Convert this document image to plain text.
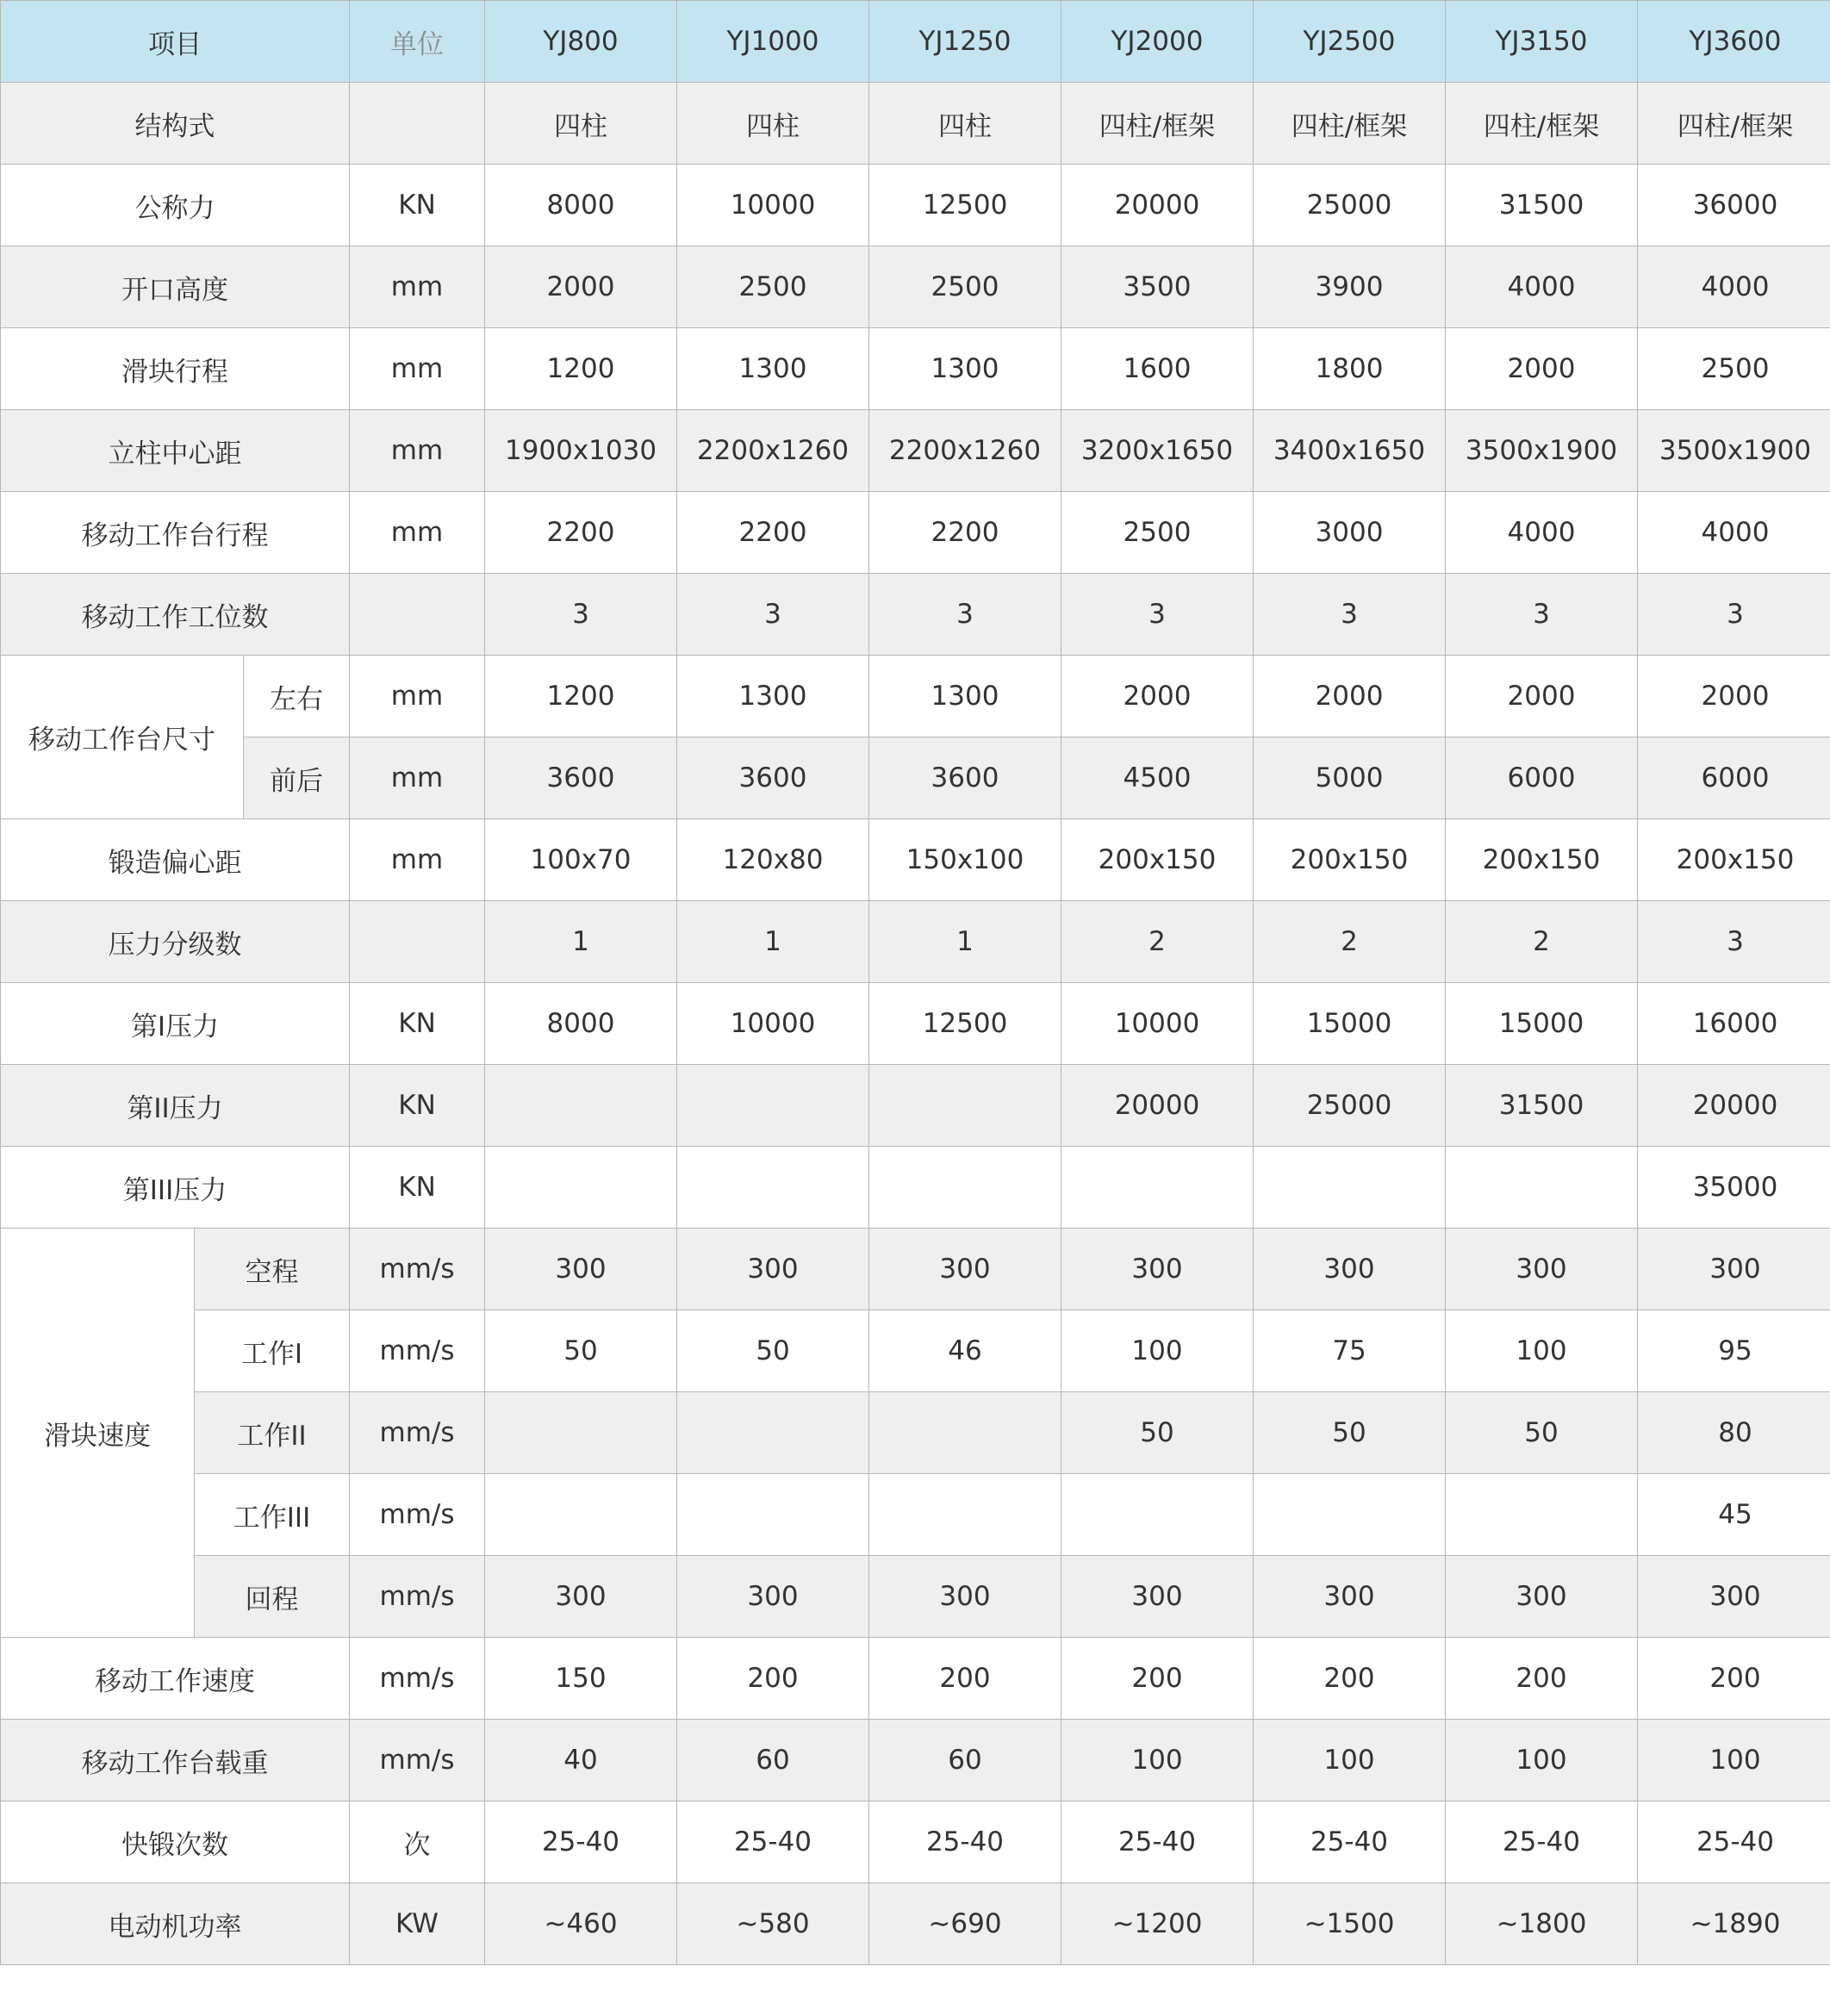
项目			单位	YJ800	YJ1000	YJ1250	YJ2000	YJ2500	YJ3150	YJ3600
结构式				四柱	四柱	四柱	四柱/框架	四柱/框架	四柱/框架	四柱/框架
公称力			KN	8000	10000	12500	20000	25000	31500	36000
开口高度			mm	2000	2500	2500	3500	3900	4000	4000
滑块行程			mm	1200	1300	1300	1600	1800	2000	2500
立柱中心距			mm	1900x1030	2200x1260	2200x1260	3200x1650	3400x1650	3500x1900	3500x1900
移动工作台行程			mm	2200	2200	2200	2500	3000	4000	4000
移动工作工位数				3	3	3	3	3	3	3
移动工作台尺寸		左右	mm	1200	1300	1300	2000	2000	2000	2000
		前后	mm	3600	3600	3600	4500	5000	6000	6000
锻造偏心距			mm	100x70	120x80	150x100	200x150	200x150	200x150	200x150
压力分级数				1	1	1	2	2	2	3
第I压力			KN	8000	10000	12500	10000	15000	15000	16000
第II压力			KN				20000	25000	31500	20000
第III压力			KN							35000
滑块速度	空程		mm/s	300	300	300	300	300	300	300
	工作I		mm/s	50	50	46	100	75	100	95
	工作II		mm/s				50	50	50	80
	工作III		mm/s							45
	回程		mm/s	300	300	300	300	300	300	300
移动工作速度			mm/s	150	200	200	200	200	200	200
移动工作台载重			mm/s	40	60	60	100	100	100	100
快锻次数			次	25-40	25-40	25-40	25-40	25-40	25-40	25-40
电动机功率			KW	~460	~580	~690	~1200	~1500	~1800	~1890
